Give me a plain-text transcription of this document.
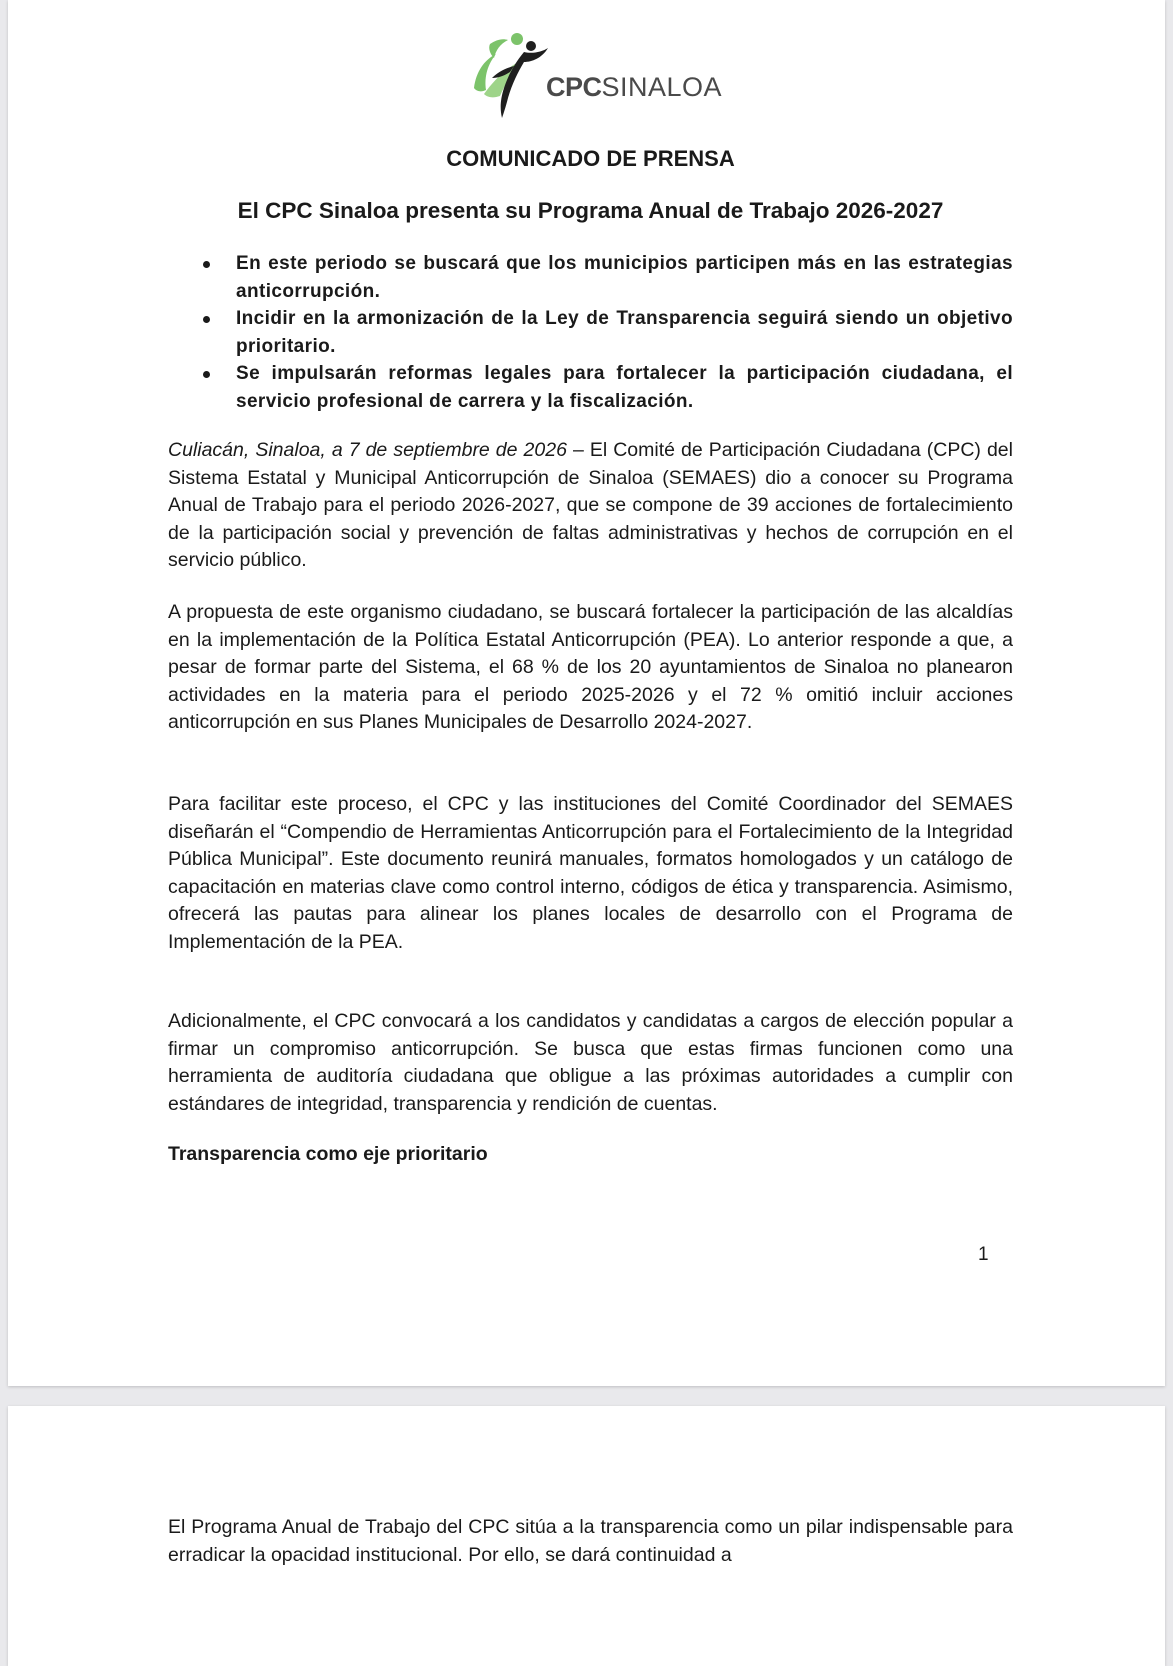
CPCSINALOA
COMUNICADO DE PRENSA
El CPC Sinaloa presenta su Programa Anual de Trabajo 2026-2027
En este periodo se buscará que los municipios participen más en las estrategias anticorrupción.
Incidir en la armonización de la Ley de Transparencia seguirá siendo un objetivo prioritario.
Se impulsarán reformas legales para fortalecer la participación ciudadana, el servicio profesional de carrera y la fiscalización.

Culiacán, Sinaloa, a 7 de septiembre de 2026 – El Comité de Participación Ciudadana (CPC) del Sistema Estatal y Municipal Anticorrupción de Sinaloa (SEMAES) dio a conocer su Programa Anual de Trabajo para el periodo 2026-2027, que se compone de 39 acciones de fortalecimiento de la participación social y prevención de faltas administrativas y hechos de corrupción en el servicio público.

A propuesta de este organismo ciudadano, se buscará fortalecer la participación de las alcaldías en la implementación de la Política Estatal Anticorrupción (PEA). Lo anterior responde a que, a pesar de formar parte del Sistema, el 68 % de los 20 ayuntamientos de Sinaloa no planearon actividades en la materia para el periodo 2025-2026 y el 72 % omitió incluir acciones anticorrupción en sus Planes Municipales de Desarrollo 2024-2027.

Para facilitar este proceso, el CPC y las instituciones del Comité Coordinador del SEMAES diseñarán el “Compendio de Herramientas Anticorrupción para el Fortalecimiento de la Integridad Pública Municipal”. Este documento reunirá manuales, formatos homologados y un catálogo de capacitación en materias clave como control interno, códigos de ética y transparencia. Asimismo, ofrecerá las pautas para alinear los planes locales de desarrollo con el Programa de Implementación de la PEA.

Adicionalmente, el CPC convocará a los candidatos y candidatas a cargos de elección popular a firmar un compromiso anticorrupción. Se busca que estas firmas funcionen como una herramienta de auditoría ciudadana que obligue a las próximas autoridades a cumplir con estándares de integridad, transparencia y rendición de cuentas.

Transparencia como eje prioritario
1

El Programa Anual de Trabajo del CPC sitúa a la transparencia como un pilar indispensable para erradicar la opacidad institucional. Por ello, se dará continuidad a
